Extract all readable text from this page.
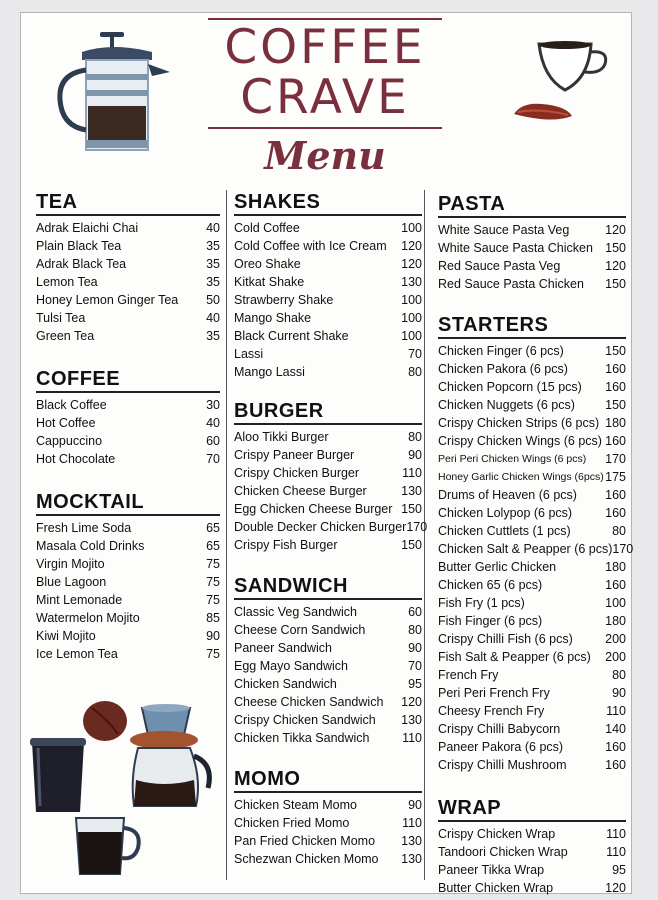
COFFEE
CRAVE
Menu
TEA
Adrak Elaichi Chai	40
Plain Black Tea	35
Adrak Black Tea	35
Lemon Tea	35
Honey Lemon Ginger Tea 50
Tulsi Tea	40
Green Tea	35
COFFEE
Black Coffee	30
Hot Coffee	40
Cappuccino	60
Hot Chocolate	70
MOCKTAIL
Fresh Lime Soda	65
Masala Cold Drinks	65
Virgin Mojito	75
Blue Lagoon	75
Mint Lemonade	75
Watermelon Mojito	85
Kiwi Mojito	90
Ice Lemon Tea	75
SHAKES
Cold Coffee	100
Cold Coffee with Ice Cream 120
Oreo Shake	120
Kitkat Shake	130
Strawberry Shake	100
Mango Shake	100
Black Current Shake	100
Lassi	70
Mango Lassi	80
BURGER
Aloo Tikki Burger	80
Crispy Paneer Burger	90
Crispy Chicken Burger	110
Chicken Cheese Burger	130
Egg Chicken Cheese Burger 150
Double Decker Chicken Burger 170
Crispy Fish Burger	150
SANDWICH
Classic Veg Sandwich	60
Cheese Corn Sandwich	80
Paneer Sandwich	90
Egg Mayo Sandwich	70
Chicken Sandwich	95
Cheese Chicken Sandwich 120
Crispy Chicken Sandwich 130
Chicken Tikka Sandwich	110
MOMO
Chicken Steam Momo	90
Chicken Fried Momo	110
Pan Fried Chicken Momo 130
Schezwan Chicken Momo 130
PASTA
White Sauce Pasta Veg	120
White Sauce Pasta Chicken 150
Red Sauce Pasta Veg	120
Red Sauce Pasta Chicken 150
STARTERS
Chicken Finger (6 pcs)	150
Chicken Pakora (6 pcs)	160
Chicken Popcorn (15 pcs) 160
Chicken Nuggets (6 pcs) 150
Crispy Chicken Strips (6 pcs) 180
Crispy Chicken Wings (6 pcs) 160
Peri Peri Chicken Wings (6 pcs) 170
Honey Garlic Chicken Wings (6pcs) 175
Drums of Heaven (6 pcs) 160
Chicken Lolypop (6 pcs)	160
Chicken Cuttlets (1 pcs)	80
Chicken Salt & Peapper (6 pcs) 170
Butter Gerlic Chicken	180
Chicken 65 (6 pcs)	160
Fish Fry (1 pcs)	100
Fish Finger (6 pcs)	180
Crispy Chilli Fish (6 pcs)	200
Fish Salt & Peapper (6 pcs) 200
French Fry	80
Peri Peri French Fry	90
Cheesy French Fry	110
Crispy Chilli Babycorn	140
Paneer Pakora (6 pcs)	160
Crispy Chilli Mushroom	160
WRAP
Crispy Chicken Wrap	110
Tandoori Chicken Wrap	110
Paneer Tikka Wrap	95
Butter Chicken Wrap	120
